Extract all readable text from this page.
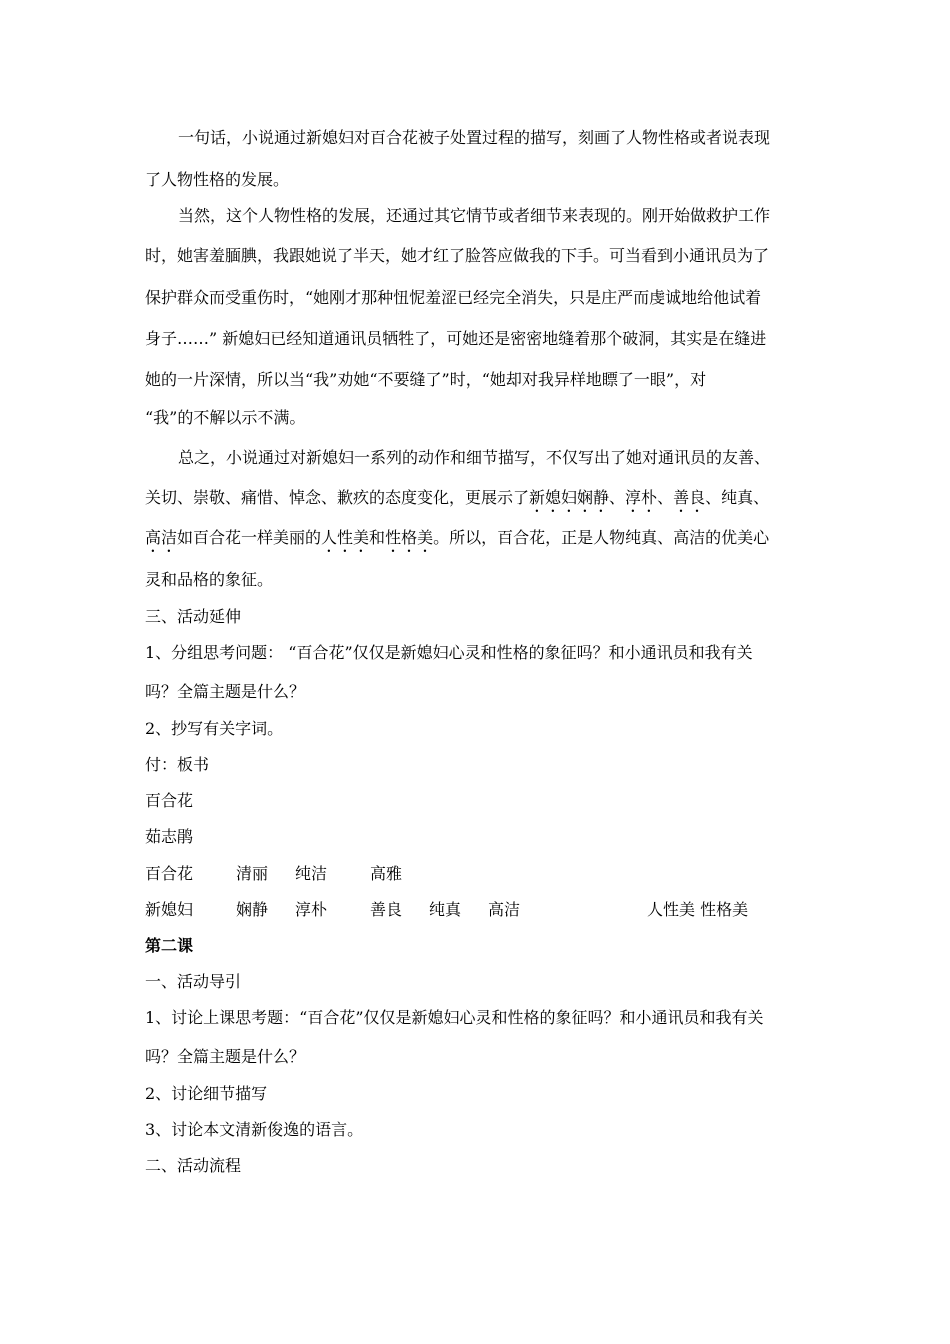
一句话，小说通过新媳妇对百合花被子处置过程的描写，刻画了人物性格或者说表现
了人物性格的发展。
当然，这个人物性格的发展，还通过其它情节或者细节来表现的。刚开始做救护工作
时，她害羞腼腆，我跟她说了半天，她才红了脸答应做我的下手。可当看到小通讯员为了
保护群众而受重伤时，“她刚才那种忸怩羞涩已经完全消失，只是庄严而虔诚地给他试着
身子……” 新媳妇已经知道通讯员牺牲了，可她还是密密地缝着那个破洞，其实是在缝进
她的一片深情，所以当“我”劝她“不要缝了”时，“她却对我异样地瞟了一眼”，对
“我”的不解以示不满。
总之，小说通过对新媳妇一系列的动作和细节描写，不仅写出了她对通讯员的友善、
关切、崇敬、痛惜、悼念、歉疚的态度变化，更展示了新媳妇娴静、淳朴、善良、纯真、
高洁如百合花一样美丽的人性美和性格美。所以，百合花，正是人物纯真、高洁的优美心
灵和品格的象征。
三、活动延伸
1、分组思考问题： “百合花”仅仅是新媳妇心灵和性格的象征吗？和小通讯员和我有关
吗？全篇主题是什么？
2、抄写有关字词。
付：板书
百合花
茹志鹃
百合花	清丽 纯洁	高雅
新媳妇	娴静 淳朴	善良 纯真 高洁	人性美 性格美
第二课
一、活动导引
1、讨论上课思考题：“百合花”仅仅是新媳妇心灵和性格的象征吗？和小通讯员和我有关
吗？全篇主题是什么？
2、讨论细节描写
3、讨论本文清新俊逸的语言。
二、活动流程
